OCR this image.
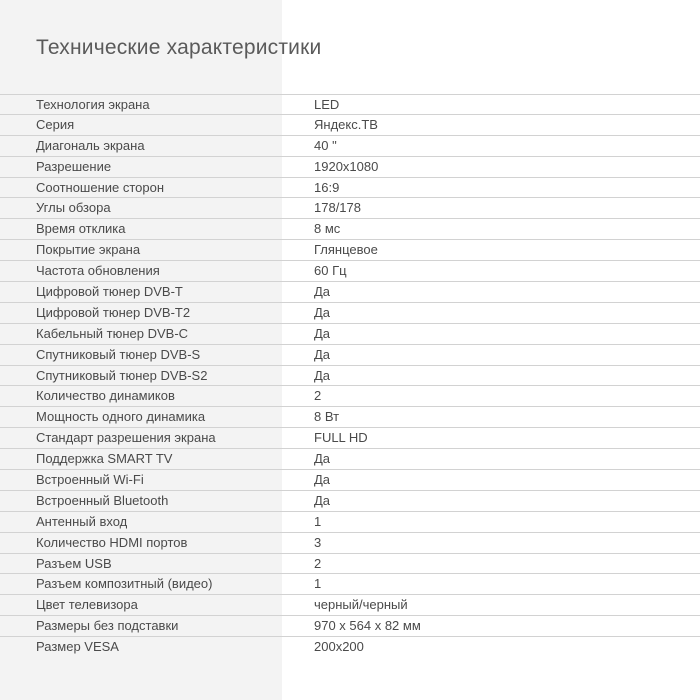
Технические характеристики
Технология экрана	LED
Серия	Яндекс.ТВ
Диагональ экрана	40 "
Разрешение	1920x1080
Соотношение сторон	16:9
Углы обзора	178/178
Время отклика	8 мс
Покрытие экрана	Глянцевое
Частота обновления	60 Гц
Цифровой тюнер DVB-T	Да
Цифровой тюнер DVB-T2	Да
Кабельный тюнер DVB-C	Да
Спутниковый тюнер DVB-S	Да
Спутниковый тюнер DVB-S2	Да
Количество динамиков	2
Мощность одного динамика	8 Вт
Стандарт разрешения экрана	FULL HD
Поддержка SMART TV	Да
Встроенный Wi-Fi	Да
Встроенный Bluetooth	Да
Антенный вход	1
Количество HDMI портов	3
Разъем USB	2
Разъем композитный (видео)	1
Цвет телевизора	черный/черный
Размеры без подставки	970 x 564 x 82 мм
Размер VESA	200x200
